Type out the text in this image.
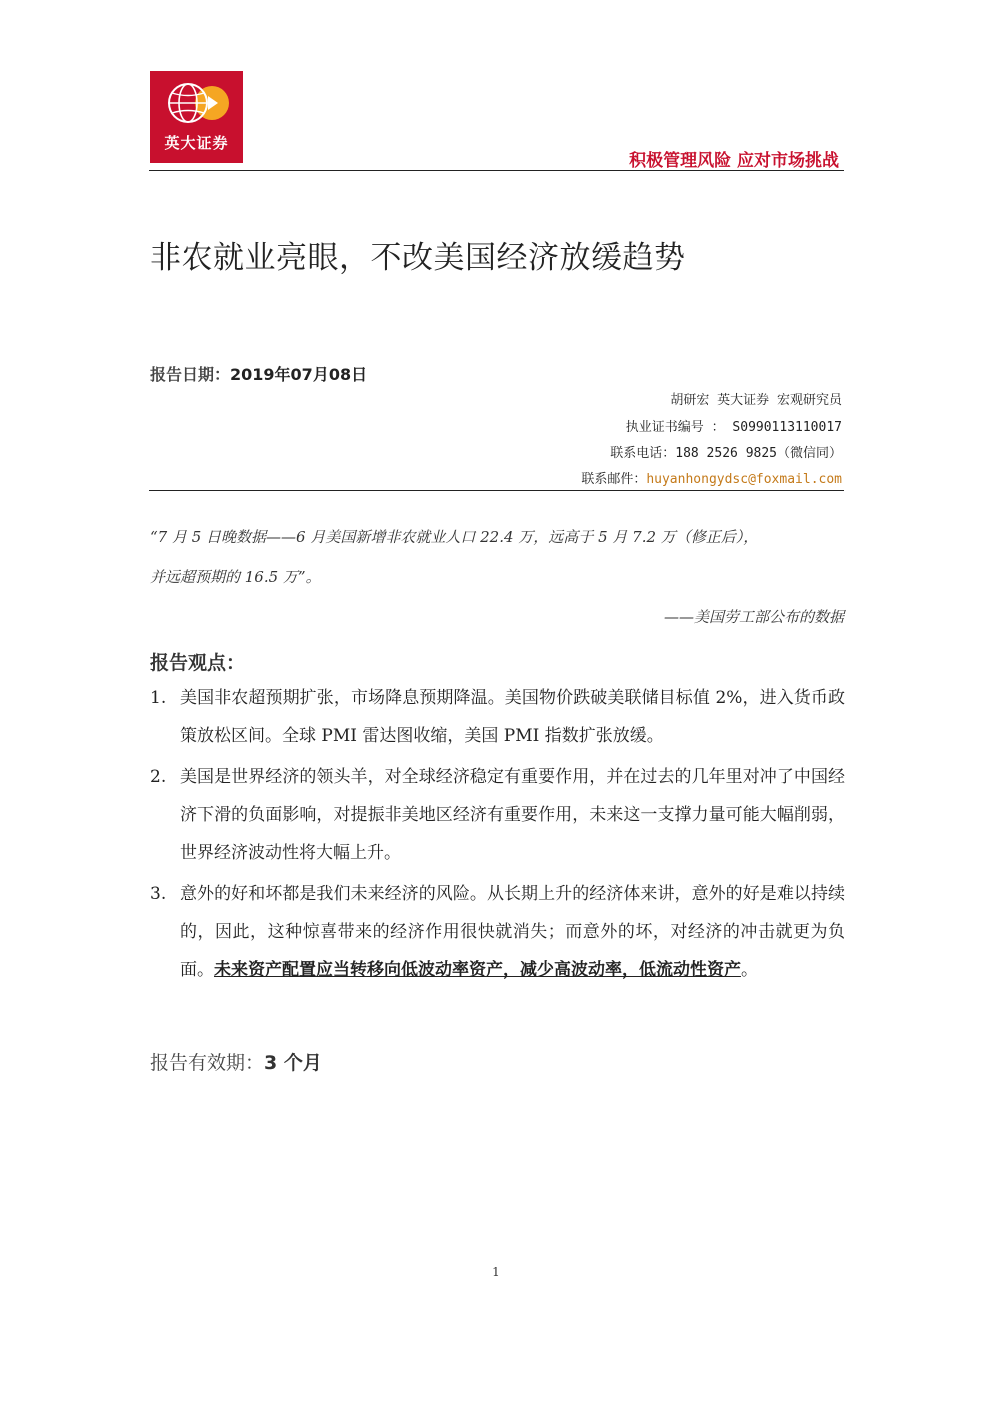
英大证券
积极管理风险 应对市场挑战
非农就业亮眼，不改美国经济放缓趋势
报告日期：2019年07月08日
胡研宏 英大证券 宏观研究员
执业证书编号 ： S0990113110017
联系电话：188 2526 9825（微信同）
联系邮件：huyanhongydsc@foxmail.com
“7 月 5 日晚数据——6 月美国新增非农就业人口 22.4 万，远高于 5 月 7.2 万（修正后），
并远超预期的 16.5 万”。
——美国劳工部公布的数据
报告观点：
1. 美国非农超预期扩张，市场降息预期降温。美国物价跌破美联储目标值 2%，进入货币政策放松区间。全球 PMI 雷达图收缩，美国 PMI 指数扩张放缓。
2. 美国是世界经济的领头羊，对全球经济稳定有重要作用，并在过去的几年里对冲了中国经济下滑的负面影响，对提振非美地区经济有重要作用，未来这一支撑力量可能大幅削弱，世界经济波动性将大幅上升。
3. 意外的好和坏都是我们未来经济的风险。从长期上升的经济体来讲，意外的好是难以持续的，因此，这种惊喜带来的经济作用很快就消失；而意外的坏，对经济的冲击就更为负面。未来资产配置应当转移向低波动率资产，减少高波动率，低流动性资产。
报告有效期：3 个月
1
